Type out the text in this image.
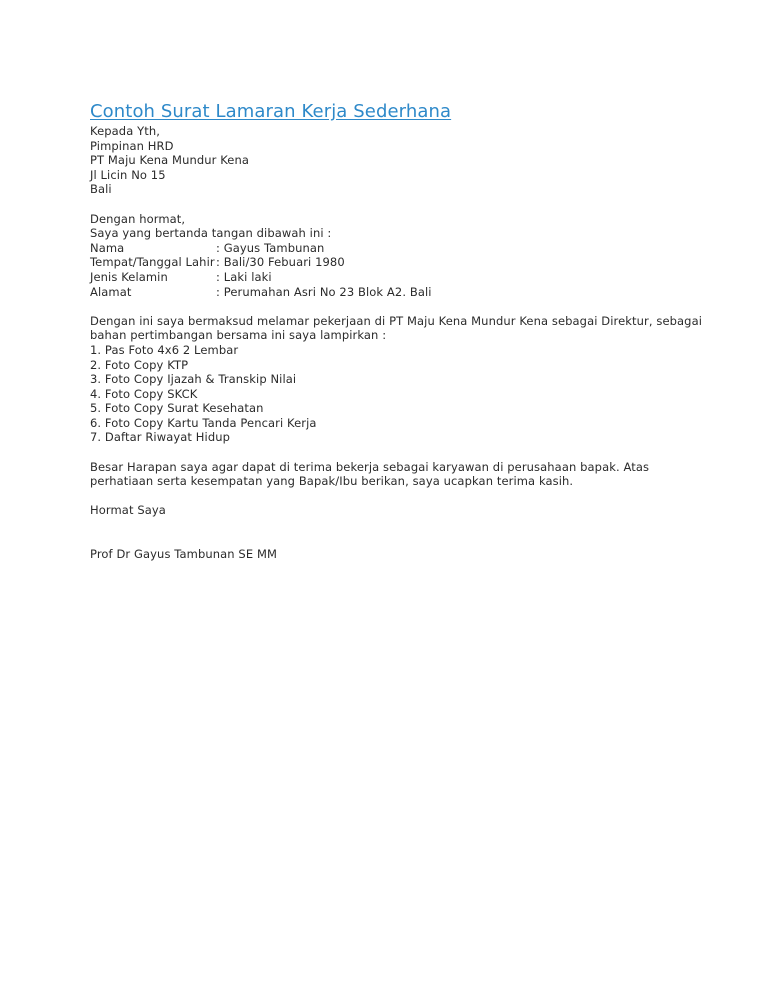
Contoh Surat Lamaran Kerja Sederhana
Kepada Yth,
Pimpinan HRD
PT Maju Kena Mundur Kena
Jl Licin No 15
Bali
Dengan hormat,
Saya yang bertanda tangan dibawah ini :
Nama	: Gayus Tambunan
Tempat/Tanggal Lahir : Bali/30 Febuari 1980
Jenis Kelamin	: Laki laki
Alamat	: Perumahan Asri No 23 Blok A2. Bali
Dengan ini saya bermaksud melamar pekerjaan di PT Maju Kena Mundur Kena sebagai Direktur, sebagai
bahan pertimbangan bersama ini saya lampirkan :
1. Pas Foto 4x6 2 Lembar
2. Foto Copy KTP
3. Foto Copy Ijazah & Transkip Nilai
4. Foto Copy SKCK
5. Foto Copy Surat Kesehatan
6. Foto Copy Kartu Tanda Pencari Kerja
7. Daftar Riwayat Hidup
Besar Harapan saya agar dapat di terima bekerja sebagai karyawan di perusahaan bapak. Atas
perhatiaan serta kesempatan yang Bapak/Ibu berikan, saya ucapkan terima kasih.
Hormat Saya
Prof Dr Gayus Tambunan SE MM
